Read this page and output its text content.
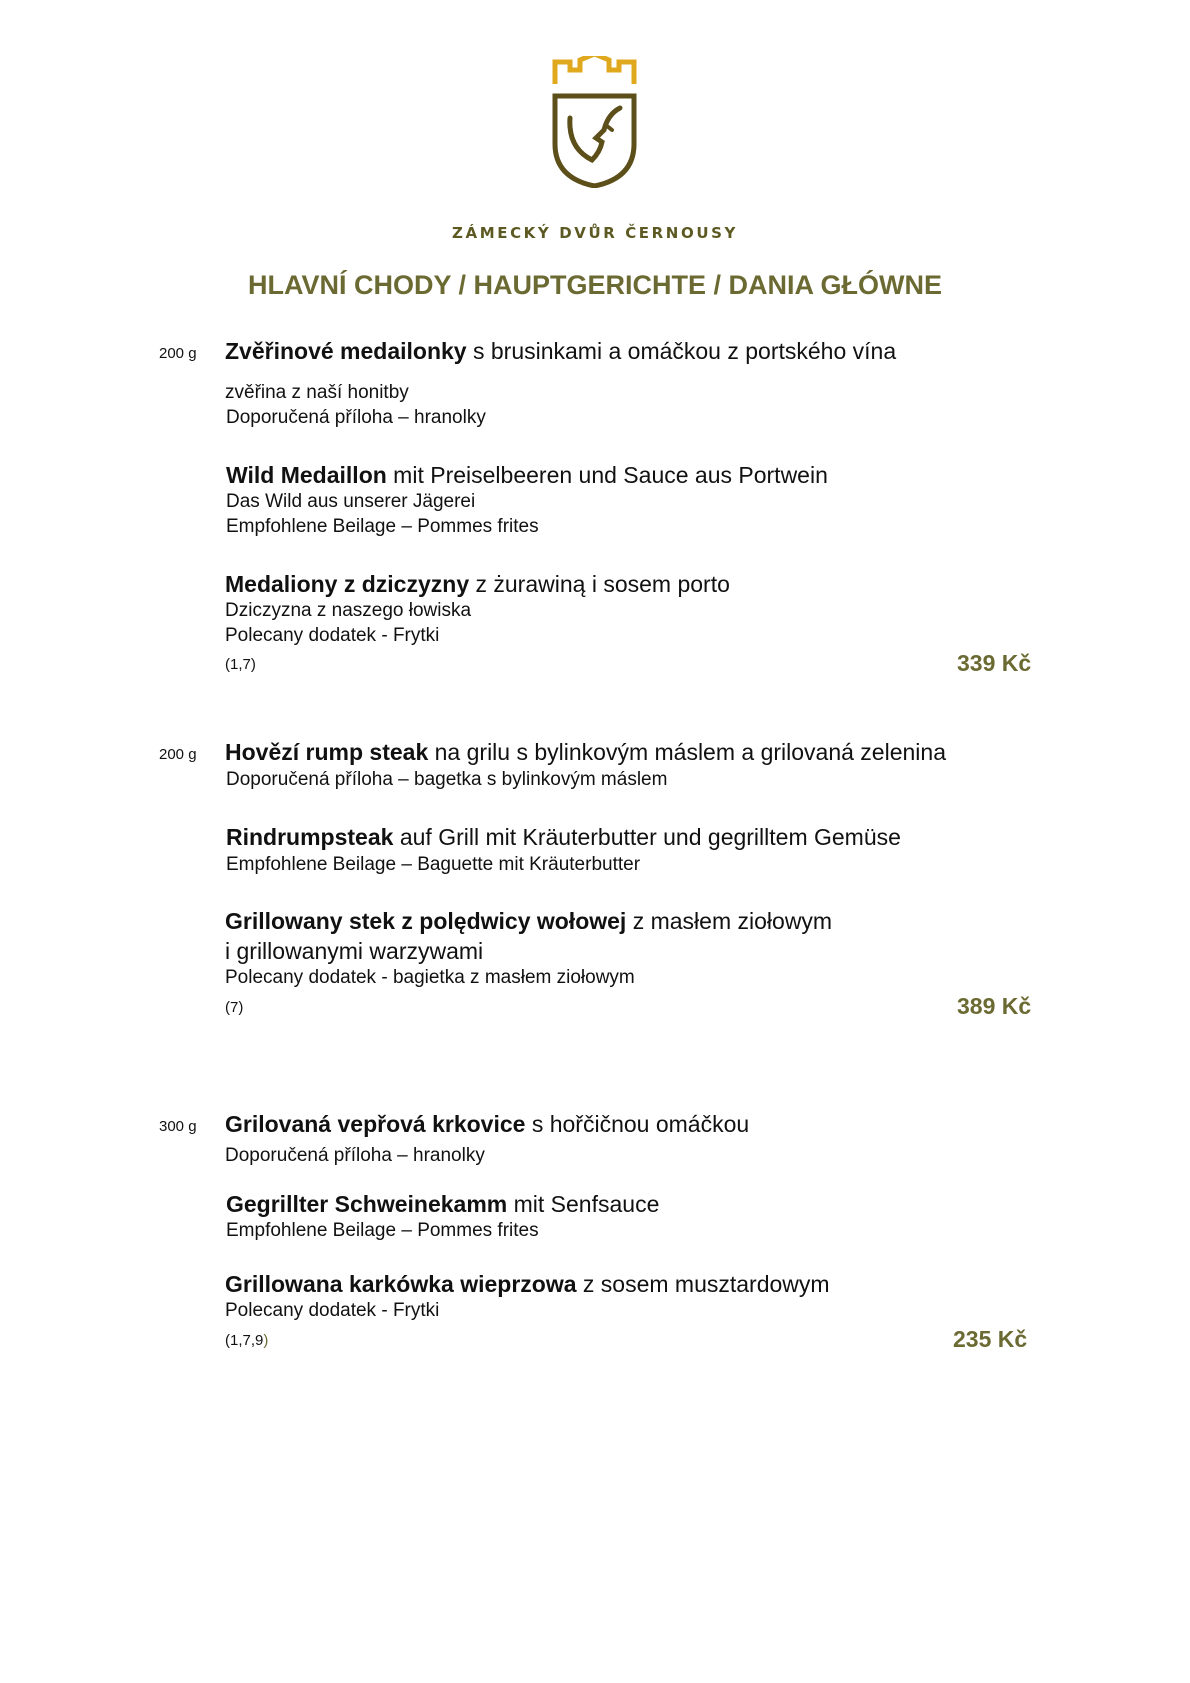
ZÁMECKÝ DVŮR ČERNOUSY
HLAVNÍ CHODY / HAUPTGERICHTE / DANIA GŁÓWNE
200 g Zvěřinové medailonky s brusinkami a omáčkou z portského vína
zvěřina z naší honitby
Doporučená příloha – hranolky
Wild Medaillon mit Preiselbeeren und Sauce aus Portwein
Das Wild aus unserer Jägerei
Empfohlene Beilage – Pommes frites
Medaliony z dziczyzny z żurawiną i sosem porto
Dziczyzna z naszego łowiska
Polecany dodatek - Frytki
(1,7)	339 Kč
200 g Hovězí rump steak na grilu s bylinkovým máslem a grilovaná zelenina
Doporučená příloha – bagetka s bylinkovým máslem
Rindrumpsteak auf Grill mit Kräuterbutter und gegrilltem Gemüse
Empfohlene Beilage – Baguette mit Kräuterbutter
Grillowany stek z polędwicy wołowej z masłem ziołowym
i grillowanymi warzywami
Polecany dodatek - bagietka z masłem ziołowym
(7)	389 Kč
300 g Grilovaná vepřová krkovice s hořčičnou omáčkou
Doporučená příloha – hranolky
Gegrillter Schweinekamm mit Senfsauce
Empfohlene Beilage – Pommes frites
Grillowana karkówka wieprzowa z sosem musztardowym
Polecany dodatek - Frytki
(1,7,9)	235 Kč
